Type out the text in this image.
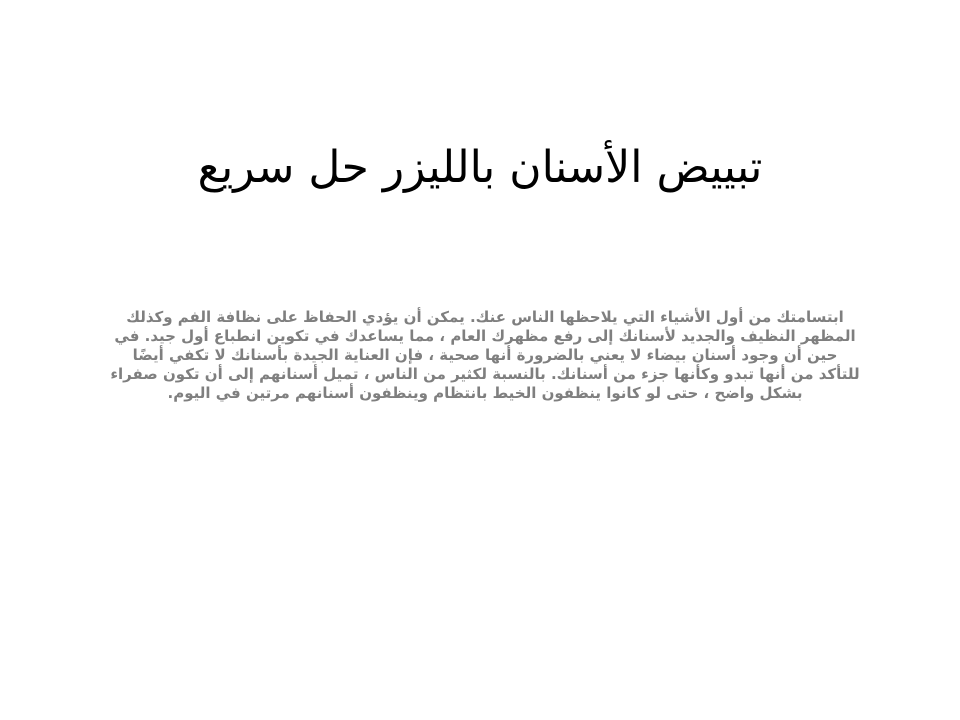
تبييض الأسنان بالليزر حل سريع

ابتسامتك من أول الأشياء التي يلاحظها الناس عنك. يمكن أن يؤدي الحفاظ على نظافة الفم وكذلك المظهر النظيف والجديد لأسنانك إلى رفع مظهرك العام ، مما يساعدك في تكوين انطباع أول جيد. في حين أن وجود أسنان بيضاء لا يعني بالضرورة أنها صحية ، فإن العناية الجيدة بأسنانك لا تكفي أيضًا للتأكد من أنها تبدو وكأنها جزء من أسنانك. بالنسبة لكثير من الناس ، تميل أسنانهم إلى أن تكون صفراء بشكل واضح ، حتى لو كانوا ينظفون الخيط بانتظام وينظفون أسنانهم مرتين في اليوم.
